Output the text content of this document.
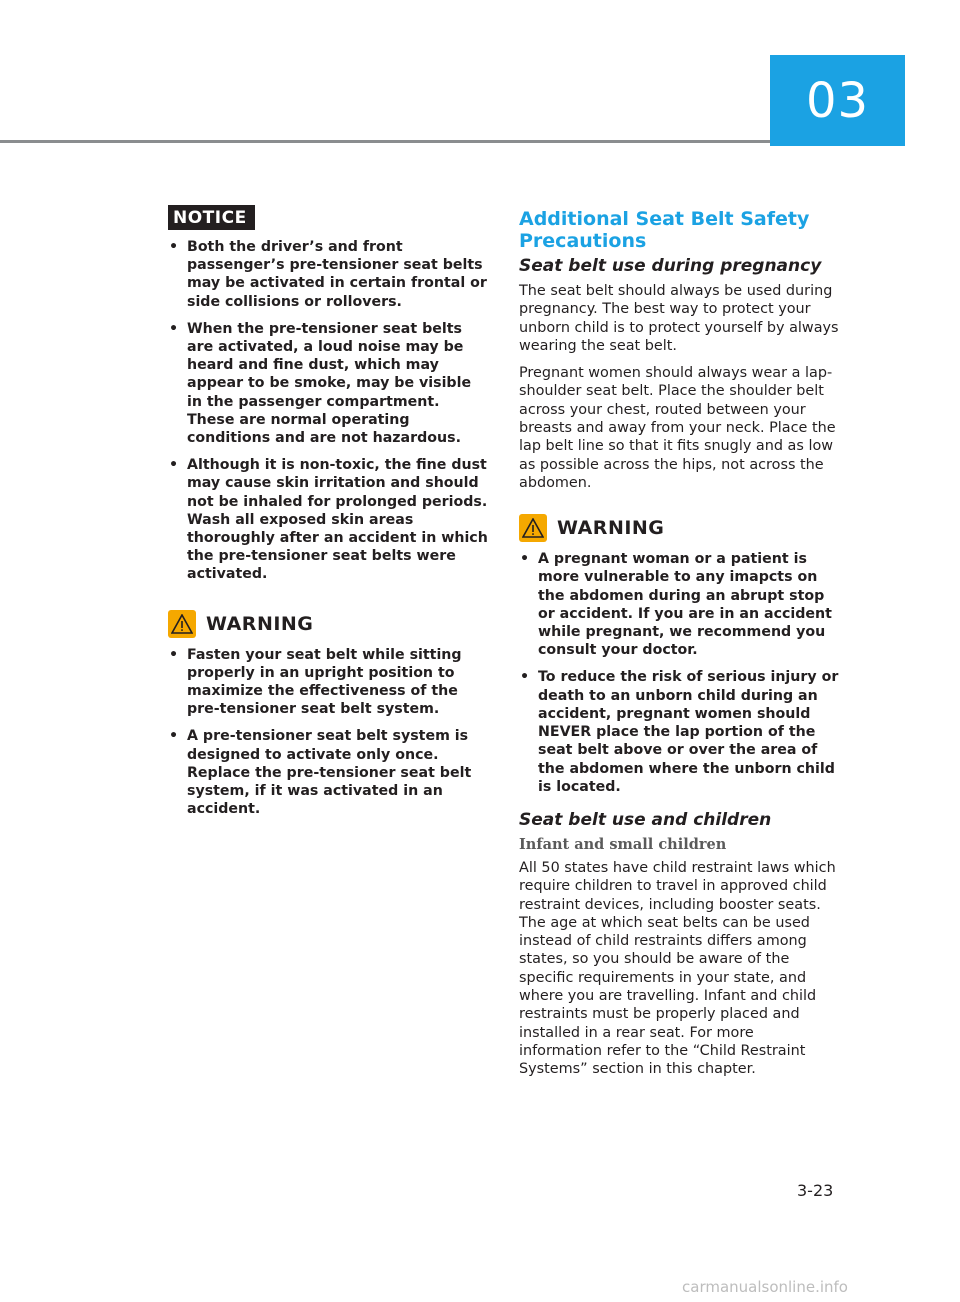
03
NOTICE
• Both the driver’s and front passenger’s pre-tensioner seat belts may be activated in certain frontal or side collisions or rollovers.
• When the pre-tensioner seat belts are activated, a loud noise may be heard and fine dust, which may appear to be smoke, may be visible in the passenger compartment. These are normal operating conditions and are not hazardous.
• Although it is non-toxic, the fine dust may cause skin irritation and should not be inhaled for prolonged periods. Wash all exposed skin areas thoroughly after an accident in which the pre-tensioner seat belts were activated.
WARNING
• Fasten your seat belt while sitting properly in an upright position to maximize the effectiveness of the pre-tensioner seat belt system.
• A pre-tensioner seat belt system is designed to activate only once. Replace the pre-tensioner seat belt system, if it was activated in an accident.
Additional Seat Belt Safety Precautions
Seat belt use during pregnancy

The seat belt should always be used during pregnancy. The best way to protect your unborn child is to protect yourself by always wearing the seat belt.

Pregnant women should always wear a lap-shoulder seat belt. Place the shoulder belt across your chest, routed between your breasts and away from your neck. Place the lap belt line so that it fits snugly and as low as possible across the hips, not across the abdomen.

WARNING
• A pregnant woman or a patient is more vulnerable to any imapcts on the abdomen during an abrupt stop or accident. If you are in an accident while pregnant, we recommend you consult your doctor.
• To reduce the risk of serious injury or death to an unborn child during an accident, pregnant women should NEVER place the lap portion of the seat belt above or over the area of the abdomen where the unborn child is located.
Seat belt use and children
Infant and small children

All 50 states have child restraint laws which require children to travel in approved child restraint devices, including booster seats. The age at which seat belts can be used instead of child restraints differs among states, so you should be aware of the specific requirements in your state, and where you are travelling. Infant and child restraints must be properly placed and installed in a rear seat. For more information refer to the “Child Restraint Systems” section in this chapter.

3-23
carmanualsonline.info
